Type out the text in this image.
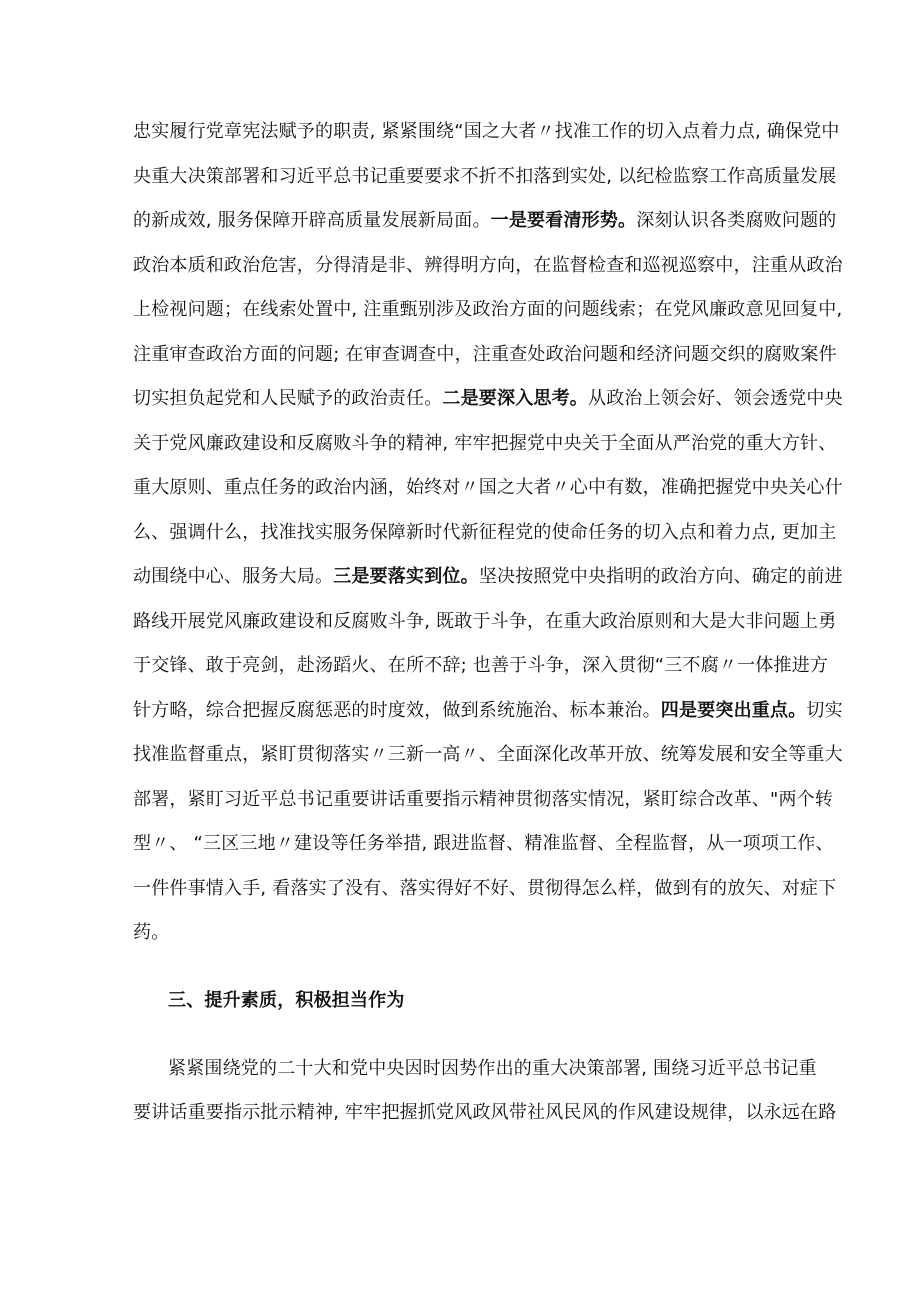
忠实履行党章宪法赋予的职责, 紧紧围绕“国之大者〃找准工作的切入点着力点, 确保党中
央重大决策部署和习近平总书记重要要求不折不扣落到实处, 以纪检监察工作高质量发展
的新成效, 服务保障开辟高质量发展新局面。一是要看清形势。深刻认识各类腐败问题的
政治本质和政治危害，分得清是非、辨得明方向，在监督检查和巡视巡察中，注重从政治
上检视问题；在线索处置中, 注重甄别涉及政治方面的问题线索；在党风廉政意见回复中,
注重审查政治方面的问题; 在审查调查中，注重查处政治问题和经济问题交织的腐败案件
切实担负起党和人民赋予的政治责任。二是要深入思考。从政治上领会好、领会透党中央
关于党风廉政建设和反腐败斗争的精神, 牢牢把握党中央关于全面从严治党的重大方针、
重大原则、重点任务的政治内涵，始终对〃国之大者〃心中有数，准确把握党中央关心什
么、强调什么，找准找实服务保障新时代新征程党的使命任务的切入点和着力点, 更加主
动围绕中心、服务大局。三是要落实到位。坚决按照党中央指明的政治方向、确定的前进
路线开展党风廉政建设和反腐败斗争, 既敢于斗争，在重大政治原则和大是大非问题上勇
于交锋、敢于亮剑，赴汤蹈火、在所不辞; 也善于斗争，深入贯彻“三不腐〃一体推进方
针方略，综合把握反腐惩恶的时度效，做到系统施治、标本兼治。四是要突出重点。切实
找准监督重点，紧盯贯彻落实〃三新一高〃、全面深化改革开放、统筹发展和安全等重大
部署，紧盯习近平总书记重要讲话重要指示精神贯彻落实情况，紧盯综合改革、"两个转
型〃、 “三区三地〃建设等任务举措, 跟进监督、精准监督、全程监督，从一项项工作、
一件件事情入手, 看落实了没有、落实得好不好、贯彻得怎么样，做到有的放矢、对症下
药。
三、提升素质，积极担当作为
紧紧围绕党的二十大和党中央因时因势作出的重大决策部署, 围绕习近平总书记重
要讲话重要指示批示精神, 牢牢把握抓党风政风带社风民风的作风建设规律，以永远在路
